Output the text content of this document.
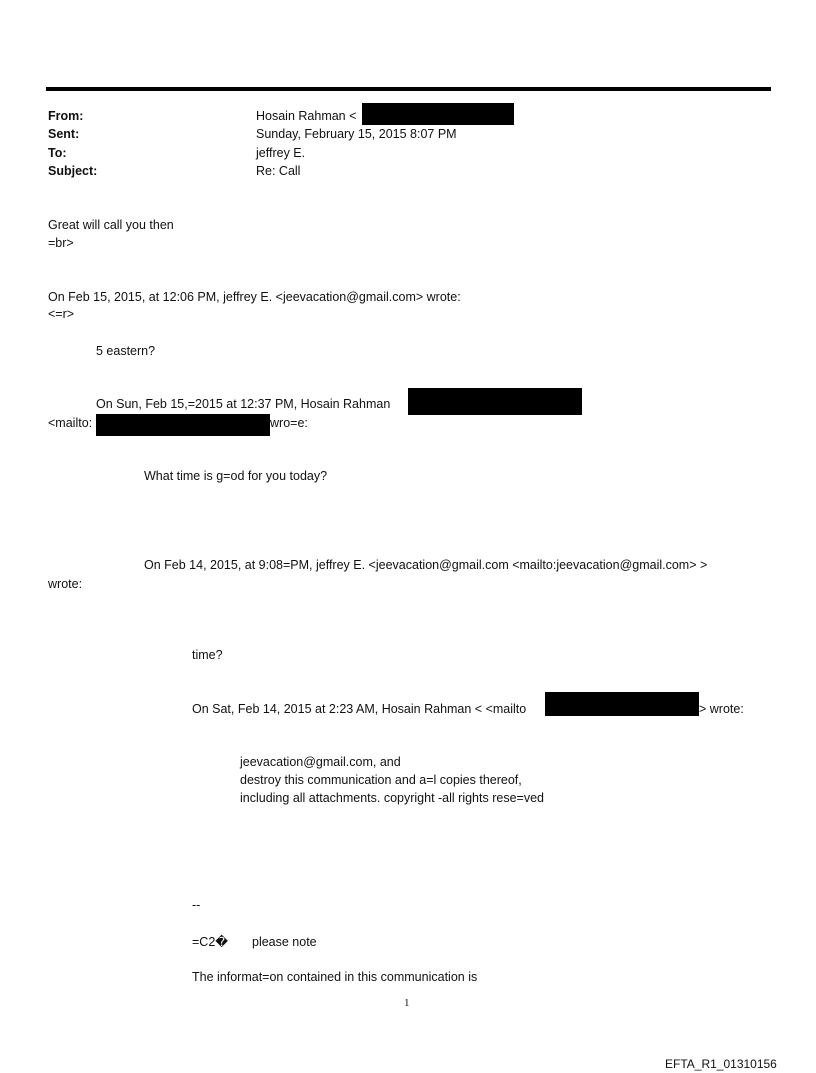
From:
Sent:
To:
Subject:
Hosain Rahman <
Sunday, February 15, 2015 8:07 PM
jeffrey E.
Re: Call
Great will call you then
=br>
On Feb 15, 2015, at 12:06 PM, jeffrey E. <jeevacation@gmail.com> wrote:
<=r>
5 eastern?
On Sun, Feb 15,=2015 at 12:37 PM, Hosain Rahman
<mailto:	wro=e:
What time is g=od for you today?
On Feb 14, 2015, at 9:08=PM, jeffrey E. <jeevacation@gmail.com <mailto:jeevacation@gmail.com> >
wrote:
time?
On Sat, Feb 14, 2015 at 2:23 AM, Hosain Rahman < <mailto	> wrote:
jeevacation@gmail.com, and
destroy this communication and a=l copies thereof,
including all attachments. copyright -all rights rese=ved
--
=C2� please note
The informat=on contained in this communication is
1
EFTA_R1_01310156
